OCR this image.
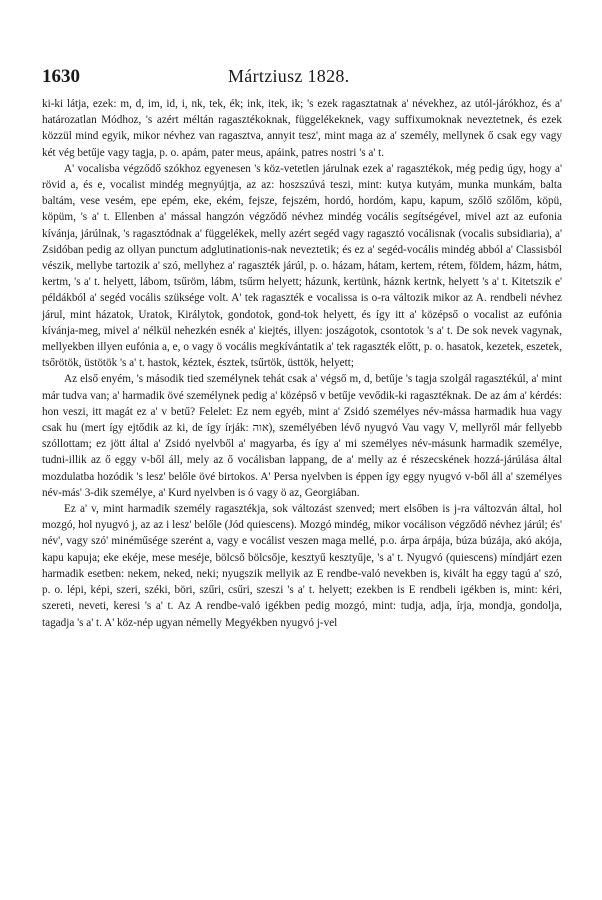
1630	Mártziusz 1828.

ki-ki látja, ezek: m, d, im, id, i, nk, tek, ék; ink, itek, ik; 's ezek ragasztatnak a' névekhez, az utól-járókhoz, és a' határozatlan Módhoz, 's azért méltán ragasztékoknak, függelékeknek, vagy suffixumoknak neveztetnek, és ezek közzül mind egyik, mikor névhez van ragasztva, annyit tesz', mint maga az a' személy, mellynek ő csak egy vagy két vég betűje vagy tagja, p. o. apám, pater meus, apáink, patres nostri 's a' t.

A' vocalisba végződő szókhoz egyenesen 's köz-vetetlen járulnak ezek a' ragasztékok, még pedig úgy, hogy a' rövid a, és e, vocalist mindég megnyújtja, az az: hoszszúvá teszi, mint: kutya kutyám, munka munkám, balta baltám, vese vesém, epe epém, eke, ekém, fejsze, fejszém, hordó, hordóm, kapu, kapum, szőlő szőlőm, köpü, köpüm, 's a' t. Ellenben a' mással hangzón végződő névhez mindég vocális segítségével, mivel azt az eufonia kívánja, járúlnak, 's ragasztódnak a' függelékek, melly azért segéd vagy ragasztó vocálisnak (vocalis subsidiaria), a' Zsidóban pedig az ollyan punctum adglutinationis-nak neveztetik; és ez a' segéd-vocális mindég abból a' Classisból vészik, mellybe tartozik a' szó, mellyhez a' ragaszték járúl, p. o. házam, hátam, kertem, rétem, földem, házm, hátm, kertm, 's a' t. helyett, lábom, tsűröm, lábm, tsűrm helyett; házunk, kertünk, háznk kertnk, helyett 's a' t. Kitetszik e' példákból a' segéd vocális szüksége volt. A' tek ragaszték e vocalissa is o-ra változik mikor az A. rendbeli névhez járul, mint házatok, Uratok, Királytok, gondotok, gond-tok helyett, és így itt a' középső o vocalist az eufónia kívánja-meg, mivel a' nélkül nehezkén esnék a' kiejtés, illyen: joszágotok, csontotok 's a' t. De sok nevek vagynak, mellyekben illyen eufónia a, e, o vagy ö vocális megkívántatik a' tek ragaszték előtt, p. o. hasatok, kezetek, eszetek, tsőrötök, üstötök 's a' t. hastok, kéztek, észtek, tsűrtök, üsttök, helyett;

Az első enyém, 's második tied személynek tehát csak a' végső m, d, betűje 's tagja szolgál ragasztékúl, a' mint már tudva van; a' harmadik övé személynek pedig a' középső v betűje vevődik-ki ragasztéknak. De az ám a' kérdés: hon veszi, itt magát ez a' v betű? Felelet: Ez nem egyéb, mint a' Zsidó személyes név-mássa harmadik hua vagy csak hu (mert így ejtődik az ki, de így írják: אוה), személyében lévő nyugvó Vau vagy V, mellyről már fellyebb szóllottam; ez jött által a' Zsidó nyelvből a' magyarba, és így a' mi személyes név-másunk harmadik személye, tudni-illik az ő eggy v-ből áll, mely az ő vocálisban lappang, de a' melly az é részecskének hozzá-járúlása által mozdulatba hozódik 's lesz' belőle övé birtokos. A' Persa nyelvben is éppen így eggy nyugvó v-ből áll a' személyes név-más' 3-dik személye, a' Kurd nyelvben is ó vagy ö az, Georgiában.

Ez a' v, mint harmadik személy ragasztékja, sok változást szenved; mert elsőben is j-ra változván által, hol mozgó, hol nyugvó j, az az i lesz' belőle (Jód quiescens). Mozgó mindég, mikor vocálison végződő névhez járúl; és' név', vagy szó' minéműsége szerént a, vagy e vocálist veszen maga mellé, p.o. árpa árpája, búza búzája, akó akója, kapu kapuja; eke ekéje, mese meséje, bölcső bölcsője, kesztyű kesztyűje, 's a' t. Nyugvó (quiescens) míndjárt ezen harmadik esetben: nekem, neked, neki; nyugszik mellyik az E rendbe-való nevekben is, kivált ha eggy tagú a' szó, p. o. lépi, képi, szeri, széki, böri, szűri, csűri, szeszi 's a' t. helyett; ezekben is E rendbeli igékben is, mint: kéri, szereti, neveti, keresi 's a' t. Az A rendbe-való igékben pedig mozgó, mint: tudja, adja, írja, mondja, gondolja, tagadja 's a' t. A' köz-nép ugyan némelly Megyékben nyugvó j-vel
